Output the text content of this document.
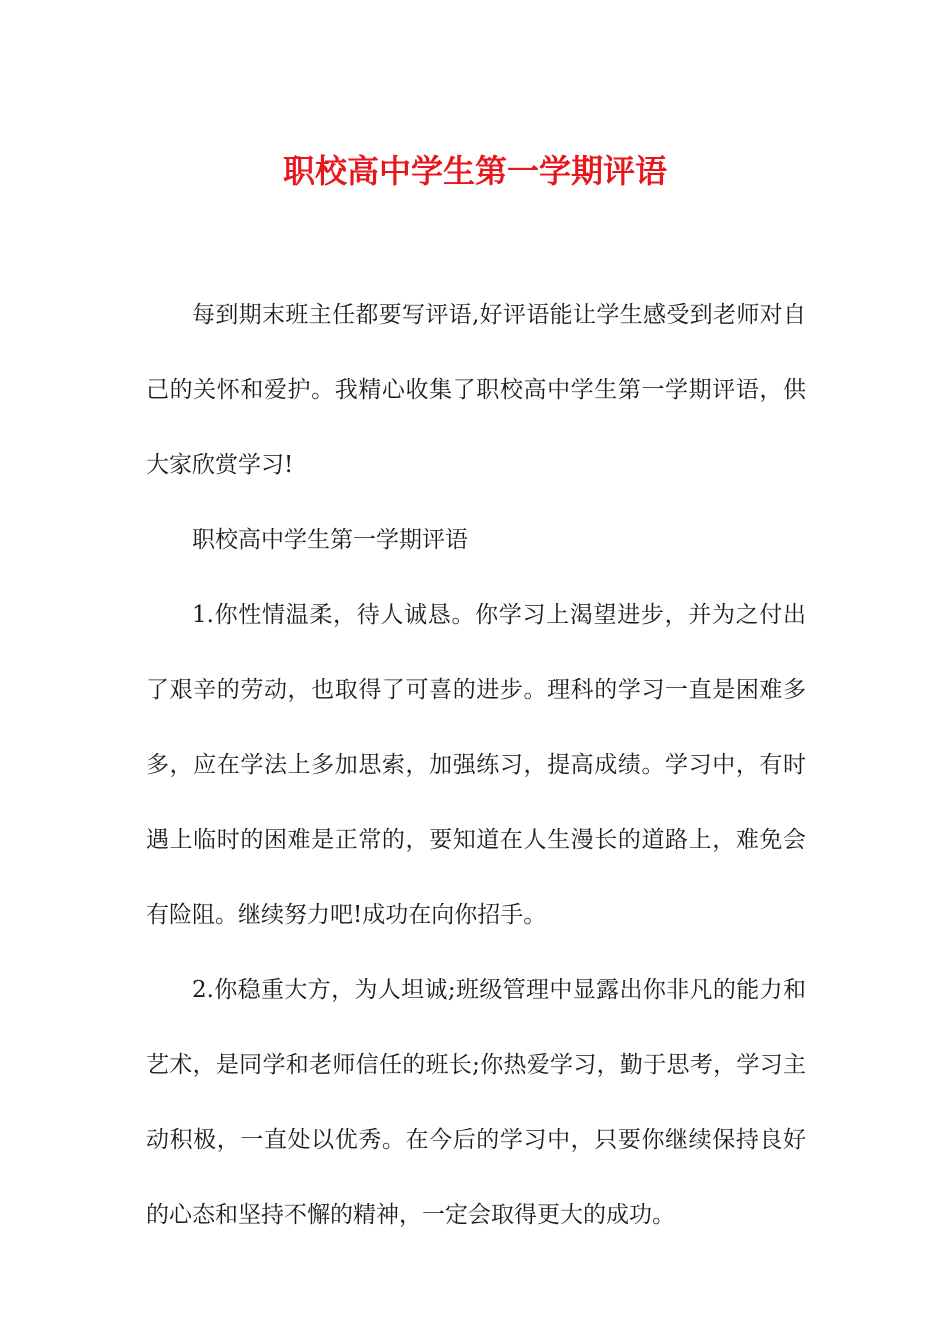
职校高中学生第一学期评语

每到期末班主任都要写评语,好评语能让学生感受到老师对自己的关怀和爱护。我精心收集了职校高中学生第一学期评语，供大家欣赏学习!

职校高中学生第一学期评语

1.你性情温柔，待人诚恳。你学习上渴望进步，并为之付出了艰辛的劳动，也取得了可喜的进步。理科的学习一直是困难多多，应在学法上多加思索，加强练习，提高成绩。学习中，有时遇上临时的困难是正常的，要知道在人生漫长的道路上，难免会有险阻。继续努力吧!成功在向你招手。

2.你稳重大方，为人坦诚;班级管理中显露出你非凡的能力和艺术，是同学和老师信任的班长;你热爱学习，勤于思考，学习主动积极，一直处以优秀。在今后的学习中，只要你继续保持良好的心态和坚持不懈的精神，一定会取得更大的成功。
